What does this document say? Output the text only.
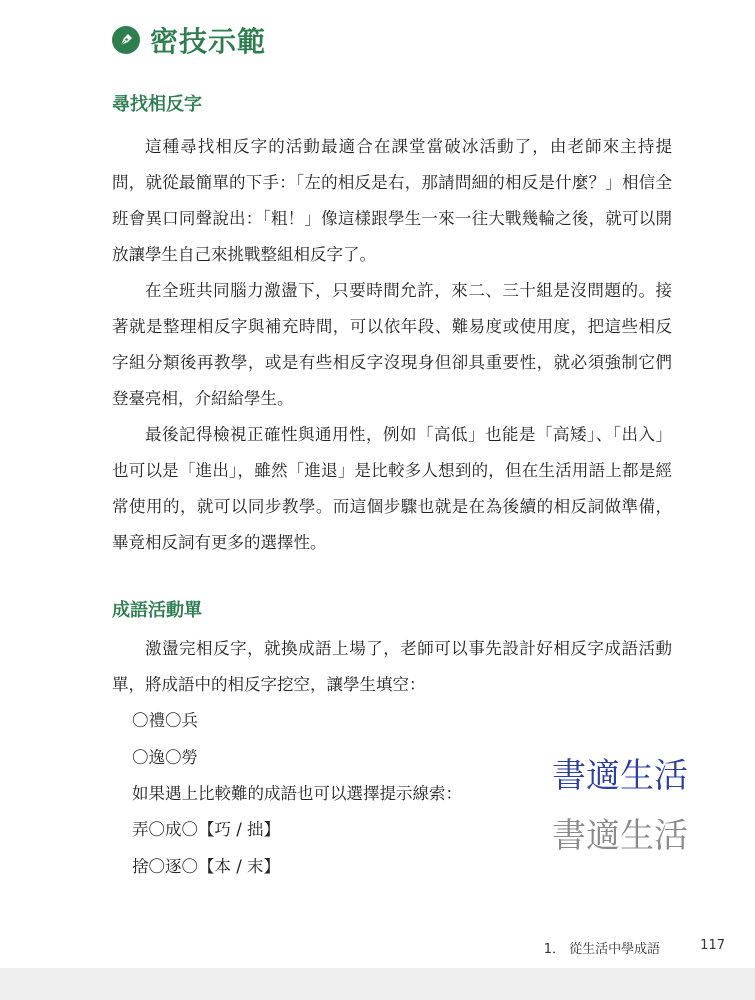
密技示範
尋找相反字

這種尋找相反字的活動最適合在課堂當破冰活動了，由老師來主持提問，就從最簡單的下手：「左的相反是右，那請問細的相反是什麼？」相信全班會異口同聲說出：「粗！」像這樣跟學生一來一往大戰幾輪之後，就可以開放讓學生自己來挑戰整組相反字了。

在全班共同腦力激盪下，只要時間允許，來二、三十組是沒問題的。接著就是整理相反字與補充時間，可以依年段、難易度或使用度，把這些相反字組分類後再教學，或是有些相反字沒現身但卻具重要性，就必須強制它們登臺亮相，介紹給學生。

最後記得檢視正確性與通用性，例如「高低」也能是「高矮」、「出入」也可以是「進出」，雖然「進退」是比較多人想到的，但在生活用語上都是經常使用的，就可以同步教學。而這個步驟也就是在為後續的相反詞做準備，畢竟相反詞有更多的選擇性。

成語活動單

激盪完相反字，就換成語上場了，老師可以事先設計好相反字成語活動單，將成語中的相反字挖空，讓學生填空：

〇禮〇兵
〇逸〇勞
如果遇上比較難的成語也可以選擇提示線索：
弄〇成〇【巧 / 拙】
捨〇逐〇【本 / 末】
書適生活
書適生活
1． 從生活中學成語	117
